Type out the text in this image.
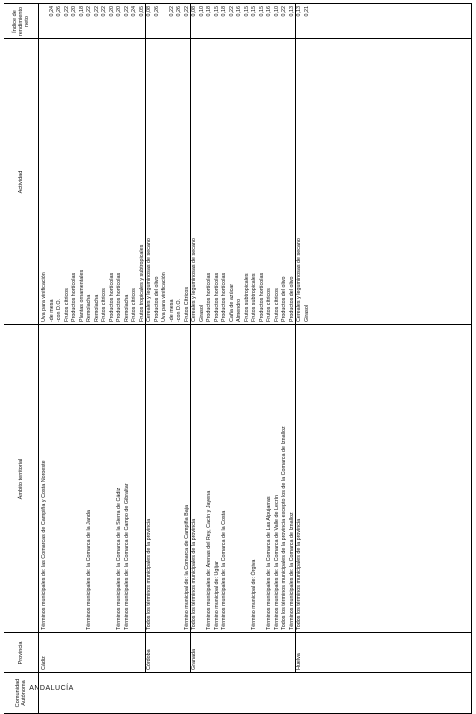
Comunidad Autónoma
Provincia
Ámbito territorial
Actividad
Índice de rendimiento neto
ANDALUCÍA
Cádiz
Términos municipales de: las Comarcas de Campiña y Costa Noroeste
Uva para vinificación -de mesa
0,24
-con D.O.
0,26
Frutos cítricos
0,22
Productos hortícolas
0,20
Plantas ornamentales
0,18
Términos municipales de: la Comarca de la Janda
Remolacha
0,22
Remolacha
0,22
Frutos cítricos
0,22
Productos hortícolas
0,20
Términos municipales de: la Comarca de la Sierra de Cádiz
Productos hortícolas
0,20
Términos municipales de: la Comarca de Campo de Gibraltar
Remolacha
0,22
Frutos cítricos
0,24
Frutos tropicales y subtropicales
0,05
Córdoba
Todos los términos municipales de la provincia
Cereales y leguminosas de secano
0,08
Productos del olivo
0,26
Uva para vinificación -de mesa
0,22
-con D.O.
0,26
Término municipal de: la Comarca de Campiña Baja
Frutos Cítricos
0,22
Granada
Todos los términos municipales de la provincia
Cereales y leguminosas de secano
0,08
Girasol
0,10
Términos municipales de: Arenas del Rey, Cacín y Jayena
Productos hortícolas
0,18
Término municipal de: Ugíjar
Productos hortícolas
0,15
Términos municipales de: la Comarca de la Costa
Productos hortícolas
0,18
Caña de azúcar
0,22
Almendro
0,16
Frutos subtropicales
0,15
Término municipal de: Órgiva
Frutos subtropicales
0,15
Productos hortícolas
0,15
Términos municipales de: la Comarca de Las Alpujarras
Frutos cítricos
0,16
Términos municipales de: la Comarca de Valle de Lecrín
Frutos cítricos
0,10
Todos los términos municipales de la provincia excepto los de la Comarca de Iznalloz
Productos del olivo
0,22
Términos municipales de: la Comarca de Iznalloz
Productos del olivo
0,13
Huelva
Todos los términos municipales de la provincia
Cereales y leguminosas de secano
0,13
Girasol
0,21
